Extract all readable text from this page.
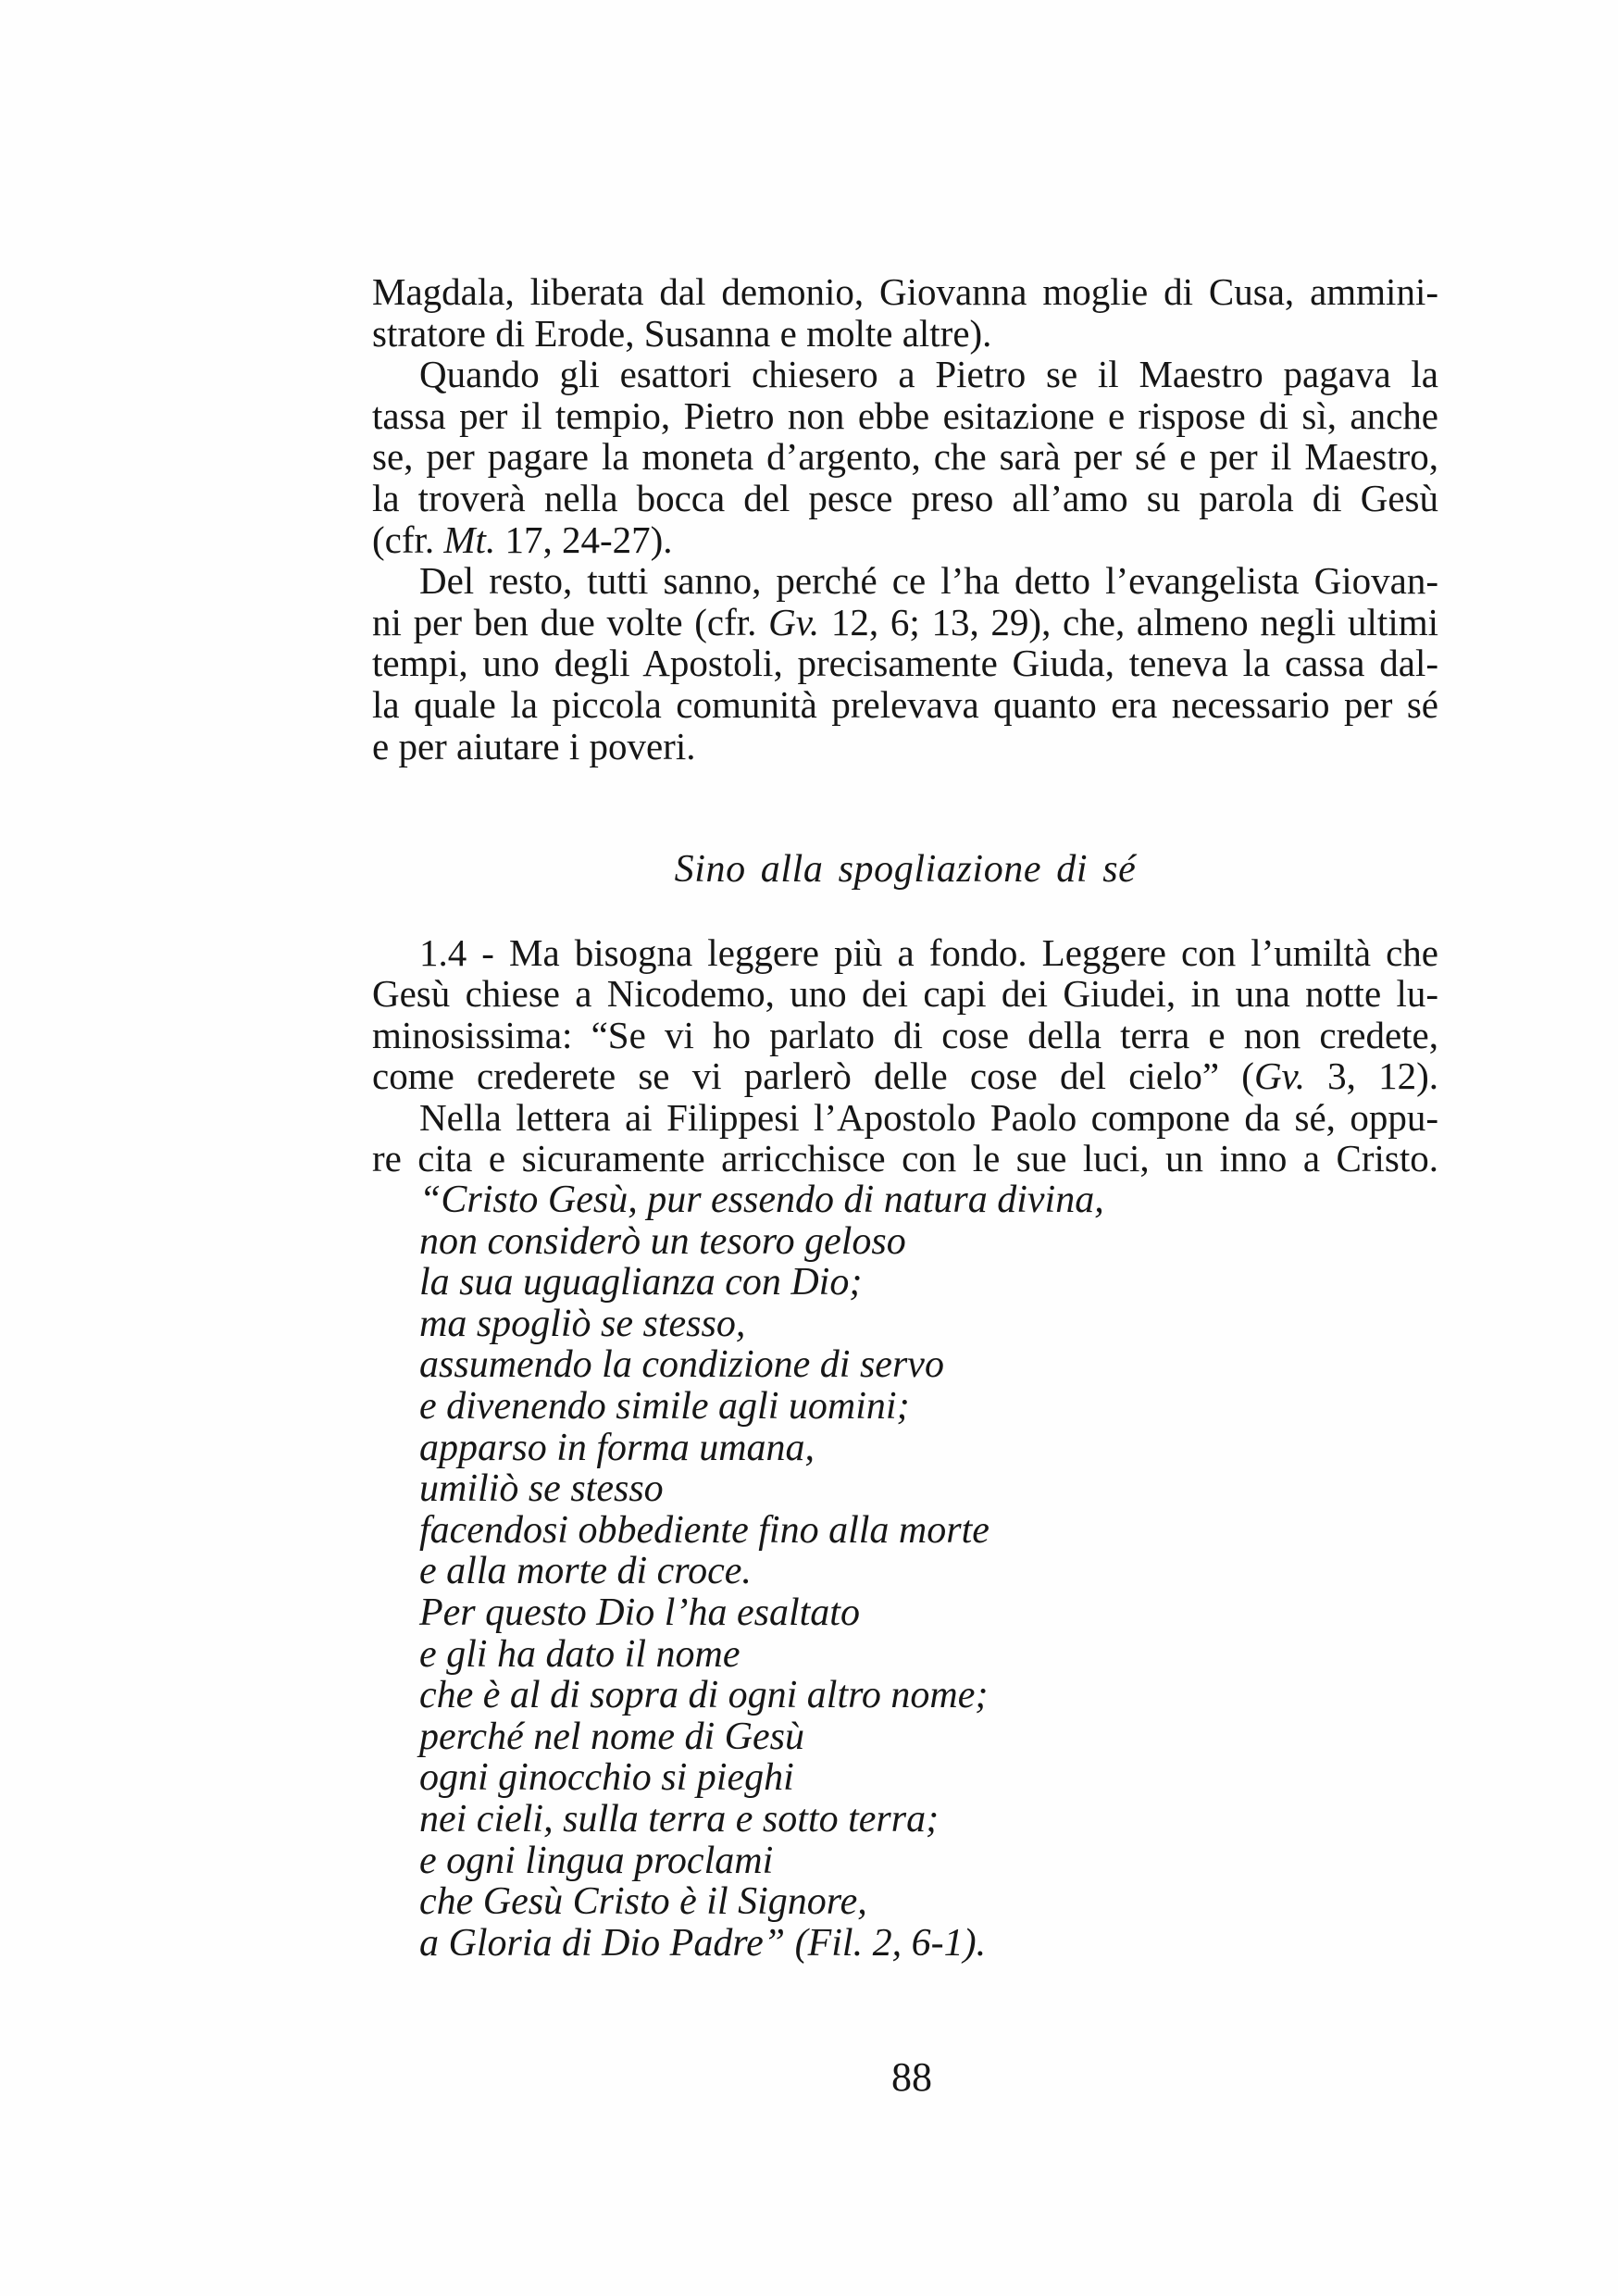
Magdala, liberata dal demonio, Giovanna moglie di Cusa, ammini-
stratore di Erode, Susanna e molte altre).
Quando gli esattori chiesero a Pietro se il Maestro pagava la
tassa per il tempio, Pietro non ebbe esitazione e rispose di sì, anche
se, per pagare la moneta d’argento, che sarà per sé e per il Maestro,
la troverà nella bocca del pesce preso all’amo su parola di Gesù
(cfr. Mt. 17, 24-27).
Del resto, tutti sanno, perché ce l’ha detto l’evangelista Giovan-
ni per ben due volte (cfr. Gv. 12, 6; 13, 29), che, almeno negli ultimi
tempi, uno degli Apostoli, precisamente Giuda, teneva la cassa dal-
la quale la piccola comunità prelevava quanto era necessario per sé
e per aiutare i poveri.
Sino alla spogliazione di sé
1.4 - Ma bisogna leggere più a fondo. Leggere con l’umiltà che
Gesù chiese a Nicodemo, uno dei capi dei Giudei, in una notte lu-
minosissima: “Se vi ho parlato di cose della terra e non credete,
come crederete se vi parlerò delle cose del cielo” (Gv. 3, 12).
Nella lettera ai Filippesi l’Apostolo Paolo compone da sé, oppu-
re cita e sicuramente arricchisce con le sue luci, un inno a Cristo.
“Cristo Gesù, pur essendo di natura divina,
non considerò un tesoro geloso
la sua uguaglianza con Dio;
ma spogliò se stesso,
assumendo la condizione di servo
e divenendo simile agli uomini;
apparso in forma umana,
umiliò se stesso
facendosi obbediente fino alla morte
e alla morte di croce.
Per questo Dio l’ha esaltato
e gli ha dato il nome
che è al di sopra di ogni altro nome;
perché nel nome di Gesù
ogni ginocchio si pieghi
nei cieli, sulla terra e sotto terra;
e ogni lingua proclami
che Gesù Cristo è il Signore,
a Gloria di Dio Padre” (Fil. 2, 6-1).
88
